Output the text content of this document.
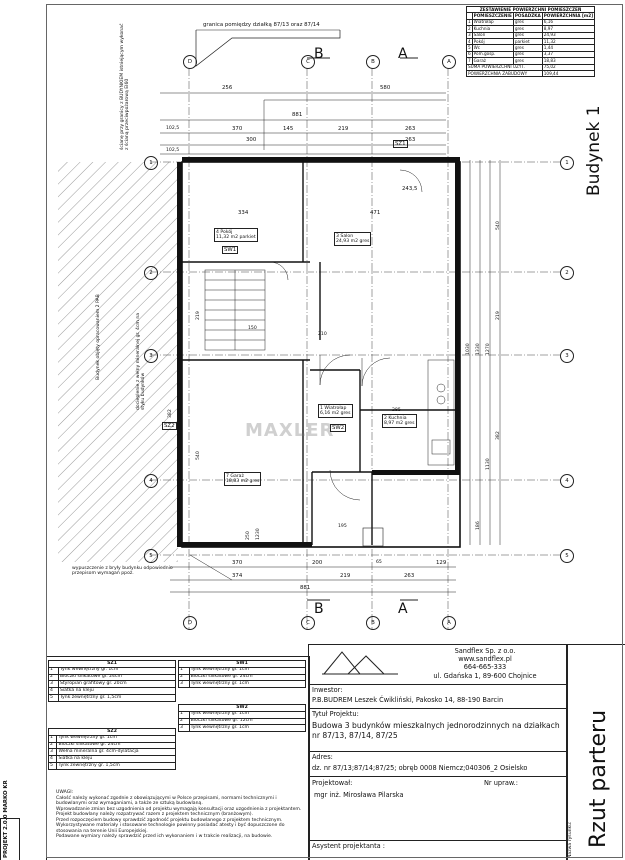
D	C	B	A
D	C	B	A
B	A
B	A
1
2
3
4
5
1
2
3
4
5
granica pomiędzy działką 87/13 oraz 87/14
ścianę przy granicy z BUDYNKIEM istniejącym wykonać z ścianą przeciwpożarową EI60
Budynek objęty opracowaniem 2 PAB	docieplenie z wełny mineralnej gr. 4cm na styku budynków
wypuszczenie z bryły budynku odpowiednio przepisom wymagań ppoż.
MAXLER
SZ1
SW1
SZ2	SW2
4 Pokój
11,32 m2 parkiet	3 Salon
24,93 m2 gres
1 Wiatrołap
6,16 m2 gres
2 Kuchnia
8,97 m2 gres
7 Garaż
18,83 m2 gres
256	580
881
102,5	370	145	219	263
263
102,5
300
334	471
243,5
210
219
540
382
150
285
250 1230
195
370
374
200
219
65
263
129
881
1030 1330 1270
540
382
219
1130
186
ZESTAWIENIE POWIERZCHNI POMIESZCZEŃ			
	POMIESZCZENIE	POSADZKA	POWIERZCHNIA [m2]
1	Wiatrołap	gres	6,16
2	Kuchnia	gres	8,97
3	Salon	gres	24,93
4	Pokój	parkiet	11,32
5	Wc	gres	1,44
6	Pom.gosp.	gres	3,37
7	Garaż	gres	18,83
SUMA POWIERZCHNI UŻYT.			75,02
POWIERZCHNIA ZABUDOWY			109,44
Budynek 1
SZ1	
1	Tynk wewnętrzny gr. 1cm
2	Bloczki silikatowe gr. 24cm
3	Styropian grafitowy gr. 20cm
4	Siatka na kleju
5	Tynk zewnętrzny gr. 1,5cm
SZ2	
1	Tynk wewnętrzny gr. 1cm
2	Bloczki silikatowe gr. 24cm
3	Wełna mineralna gr. 4cm-dylatacja
4	Siatka na kleju
5	Tynk zewnętrzny gr. 1,5cm
SW1	
1	Tynk wewnętrzny gr. 1cm
2	Bloczki silikatowe gr. 24cm
3	Tynk wewnętrzny gr. 1cm
SW2	
1	Tynk wewnętrzny gr. 1cm
2	Bloczki silikatowe gr. 12cm
3	Tynk wewnętrzny gr. 1cm
UWAGI:
Całość należy wykonać zgodnie z obowiązującymi w Polsce przepisami, normami technicznymi i budowlanymi oraz wymaganiami, a także ze sztuką budowlaną.
Wprowadzanie zmian bez uzgodnienia od projektu wymagają konsultacji oraz uzgodnienia z projektantem.
Projekt budowlany należy rozpatrywać razem z projektem technicznym (branżowym).
Przed rozpoczęciem budowy sprawdzić zgodność projektu budowlanego z projektem technicznym.
Wykorzystywane materiały i stosowane technologie powinny posiadać atesty i być dopuszczone do stosowania na terenie Unii Europejskiej.
Podawane wymiary należy sprawdzić przed ich wykonaniem i w trakcie realizacji, na budowie.
Sandflex Sp. z o.o.
www.sandflex.pl
664-665-333
ul. Gdańska 1, 89-600 Chojnice
Inwestor:
P.B.BUDREM Leszek Ćwikliński, Pakosko 14, 88-190 Barcin
Tytuł Projektu:
Budowa 3 budynków mieszkalnych jednorodzinnych na działkach nr 87/13, 87/14, 87/25
Adres:
dz. nr 87/13;87/14;87/25; obręb 0008 Niemcz;040306_2 Osielsko
Projektował:	Nr upraw.:
mgr inż. Mirosława Pilarska
Asystent projektanta :	Nazwa rysunku: Rzut parteru
PROJEKT 2.0.0 MARKO KR
